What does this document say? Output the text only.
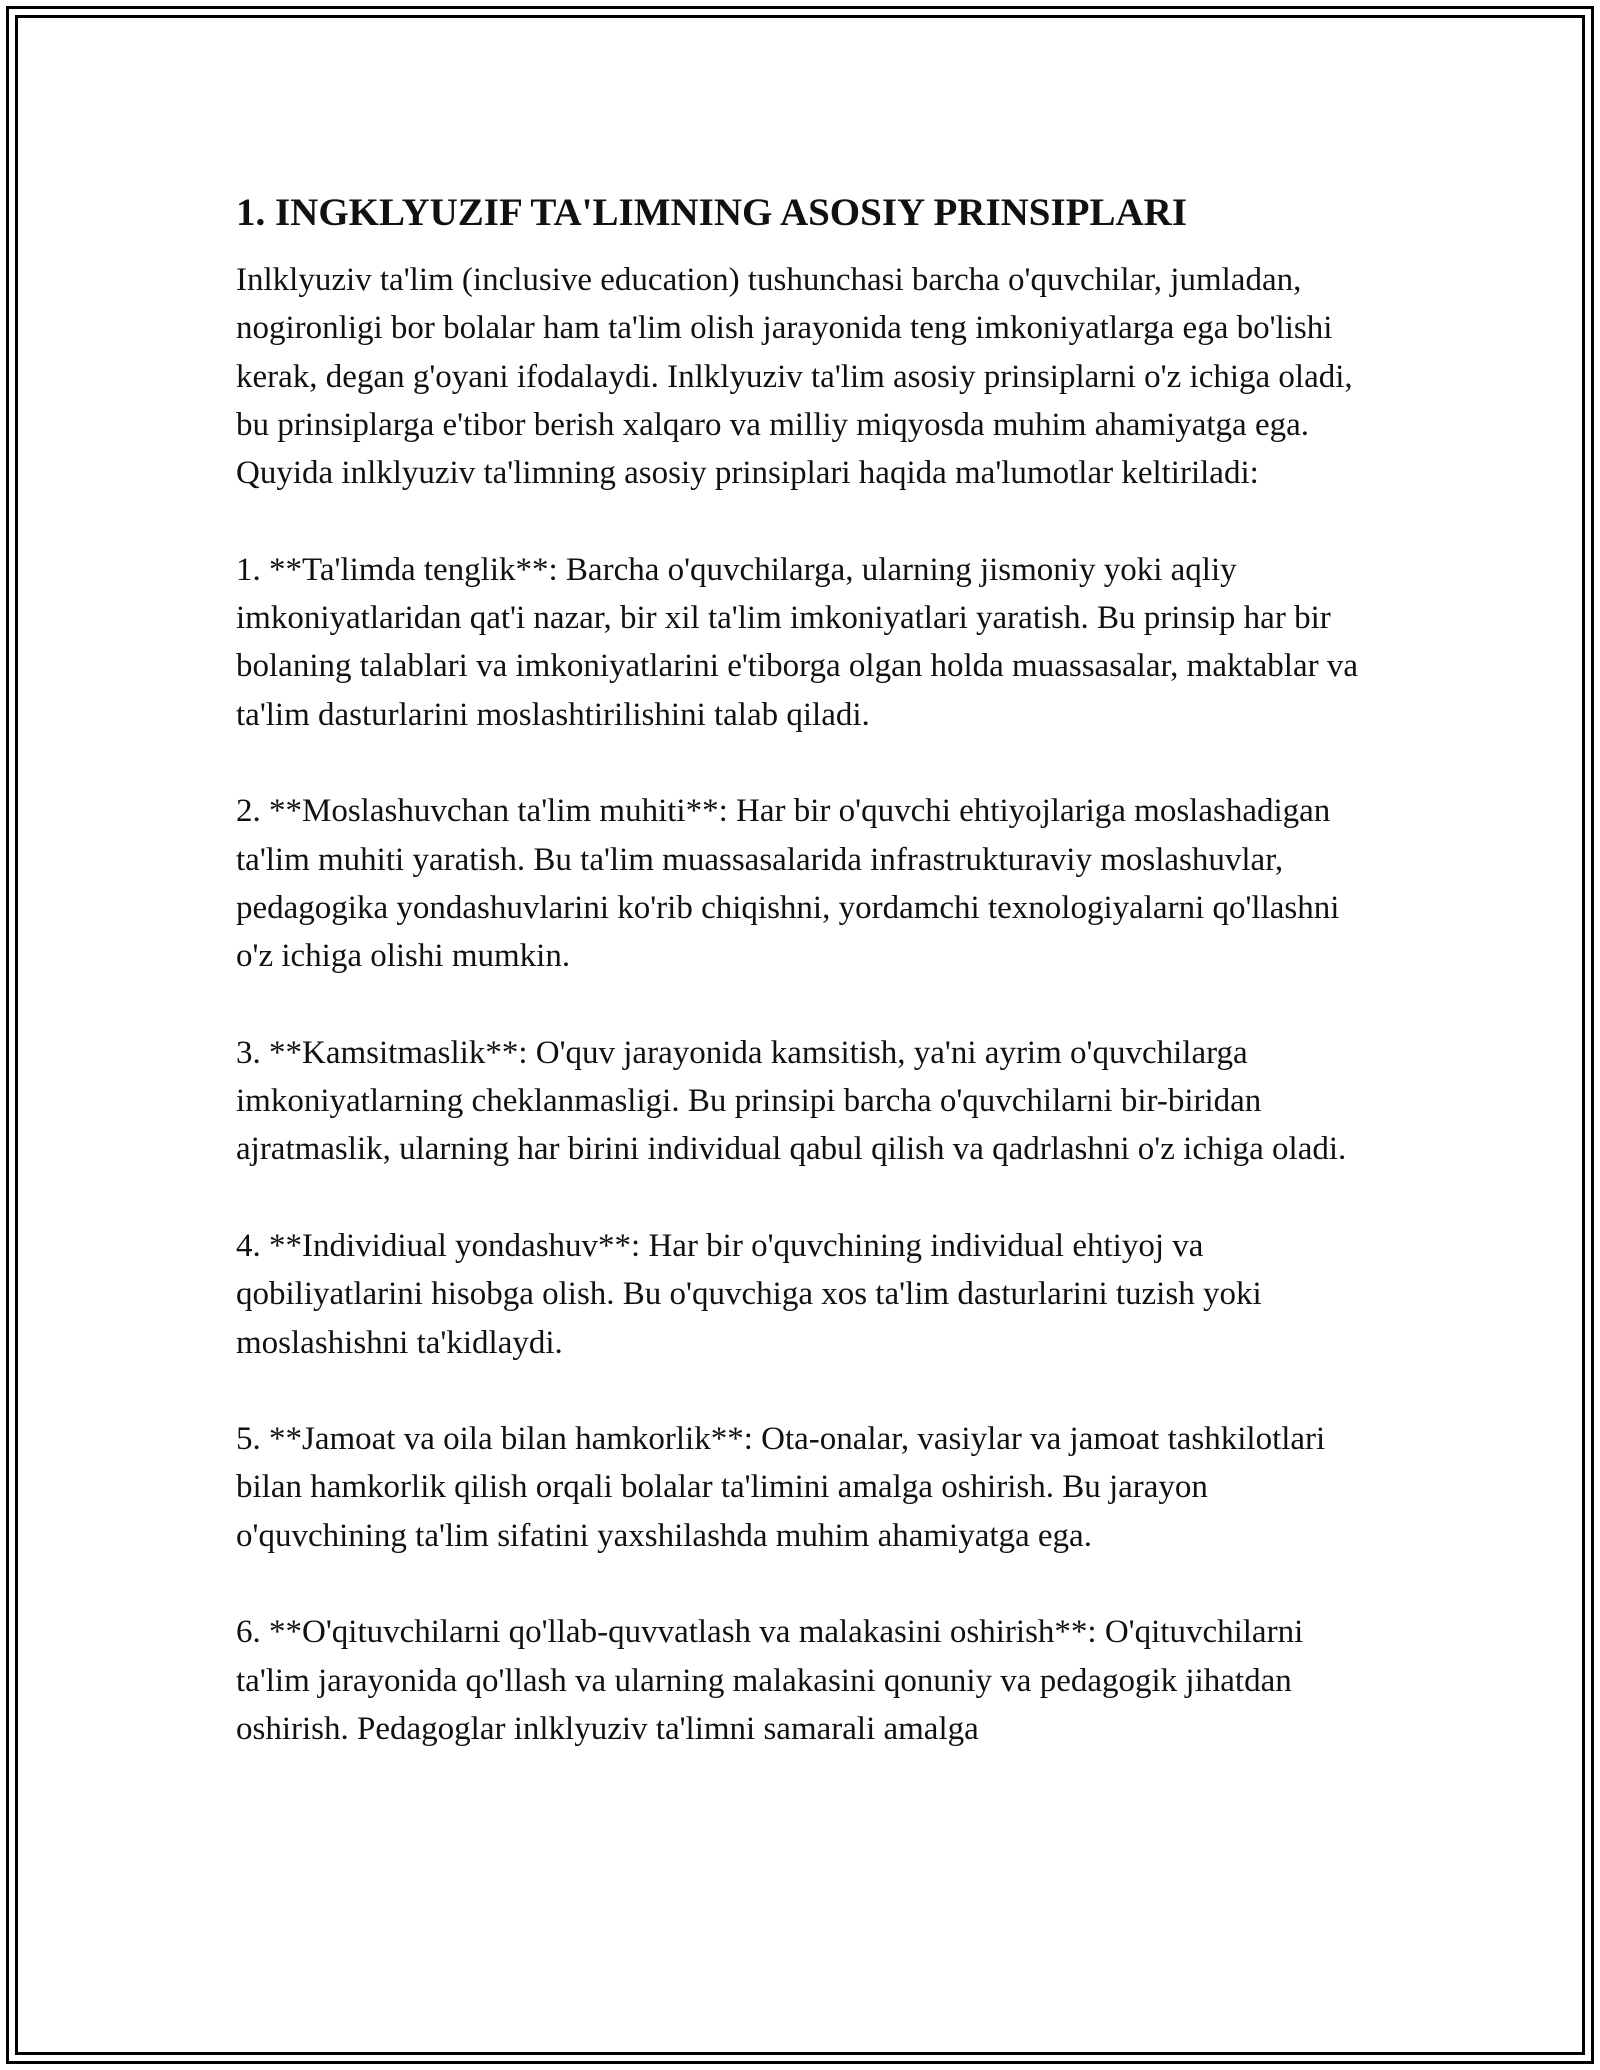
1. INGKLYUZIF TA'LIMNING ASOSIY PRINSIPLARI

Inlklyuziv ta'lim (inclusive education) tushunchasi barcha o'quvchilar, jumladan, nogironligi bor bolalar ham ta'lim olish jarayonida teng imkoniyatlarga ega bo'lishi kerak, degan g'oyani ifodalaydi. Inlklyuziv ta'lim asosiy prinsiplarni o'z ichiga oladi, bu prinsiplarga e'tibor berish xalqaro va milliy miqyosda muhim ahamiyatga ega. Quyida inlklyuziv ta'limning asosiy prinsiplari haqida ma'lumotlar keltiriladi:

1. **Ta'limda tenglik**: Barcha o'quvchilarga, ularning jismoniy yoki aqliy imkoniyatlaridan qat'i nazar, bir xil ta'lim imkoniyatlari yaratish. Bu prinsip har bir bolaning talablari va imkoniyatlarini e'tiborga olgan holda muassasalar, maktablar va ta'lim dasturlarini moslashtirilishini talab qiladi.

2. **Moslashuvchan ta'lim muhiti**: Har bir o'quvchi ehtiyojlariga moslashadigan ta'lim muhiti yaratish. Bu ta'lim muassasalarida infrastrukturaviy moslashuvlar, pedagogika yondashuvlarini ko'rib chiqishni, yordamchi texnologiyalarni qo'llashni o'z ichiga olishi mumkin.

3. **Kamsitmaslik**: O'quv jarayonida kamsitish, ya'ni ayrim o'quvchilarga imkoniyatlarning cheklanmasligi. Bu prinsipi barcha o'quvchilarni bir-biridan ajratmaslik, ularning har birini individual qabul qilish va qadrlashni o'z ichiga oladi.

4. **Individiual yondashuv**: Har bir o'quvchining individual ehtiyoj va qobiliyatlarini hisobga olish. Bu o'quvchiga xos ta'lim dasturlarini tuzish yoki moslashishni ta'kidlaydi.

5. **Jamoat va oila bilan hamkorlik**: Ota-onalar, vasiylar va jamoat tashkilotlari bilan hamkorlik qilish orqali bolalar ta'limini amalga oshirish. Bu jarayon o'quvchining ta'lim sifatini yaxshilashda muhim ahamiyatga ega.

6. **O'qituvchilarni qo'llab-quvvatlash va malakasini oshirish**: O'qituvchilarni ta'lim jarayonida qo'llash va ularning malakasini qonuniy va pedagogik jihatdan oshirish. Pedagoglar inlklyuziv ta'limni samarali amalga
